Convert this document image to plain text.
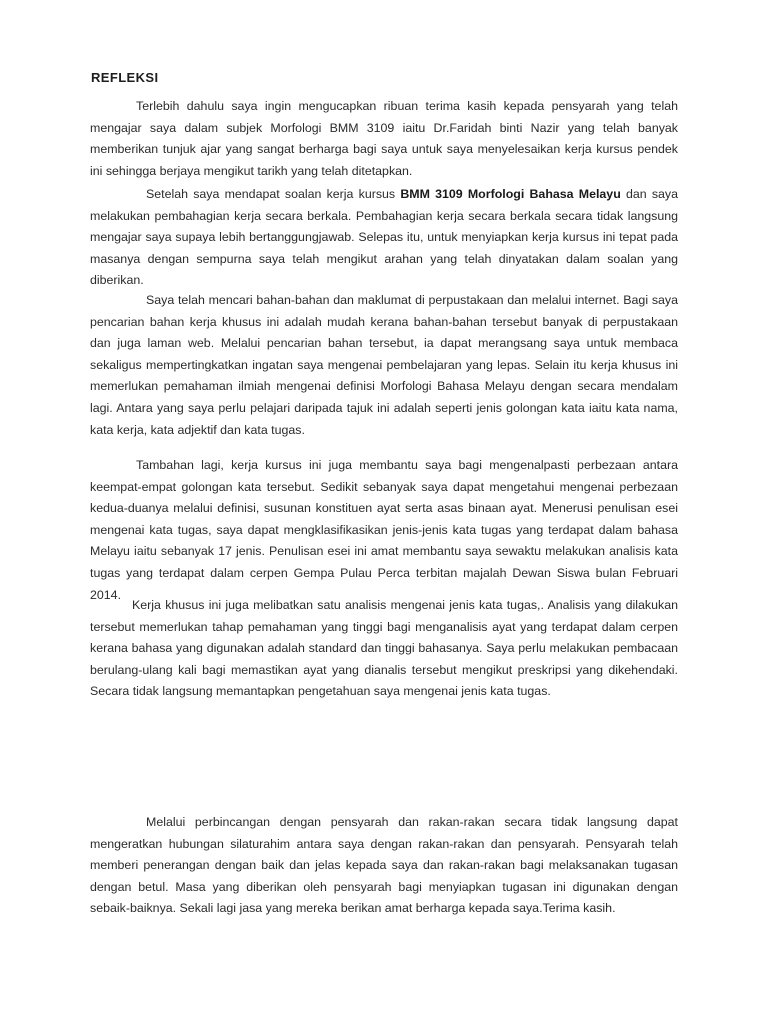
REFLEKSI

Terlebih dahulu saya ingin mengucapkan ribuan terima kasih kepada pensyarah yang telah mengajar saya dalam subjek Morfologi BMM 3109 iaitu Dr.Faridah binti Nazir yang telah banyak memberikan tunjuk ajar yang sangat berharga bagi saya untuk saya menyelesaikan kerja kursus pendek ini sehingga berjaya mengikut tarikh yang telah ditetapkan.

Setelah saya mendapat soalan kerja kursus BMM 3109 Morfologi Bahasa Melayu dan saya melakukan pembahagian kerja secara berkala. Pembahagian kerja secara berkala secara tidak langsung mengajar saya supaya lebih bertanggungjawab. Selepas itu, untuk menyiapkan kerja kursus ini tepat pada masanya dengan sempurna saya telah mengikut arahan yang telah dinyatakan dalam soalan yang diberikan.

Saya telah mencari bahan-bahan dan maklumat di perpustakaan dan melalui internet. Bagi saya pencarian bahan kerja khusus ini adalah mudah kerana bahan-bahan tersebut banyak di perpustakaan dan juga laman web. Melalui pencarian bahan tersebut, ia dapat merangsang saya untuk membaca sekaligus mempertingkatkan ingatan saya mengenai pembelajaran yang lepas. Selain itu kerja khusus ini memerlukan pemahaman ilmiah mengenai definisi Morfologi Bahasa Melayu dengan secara mendalam lagi. Antara yang saya perlu pelajari daripada tajuk ini adalah seperti jenis golongan kata iaitu kata nama, kata kerja, kata adjektif dan kata tugas.

Tambahan lagi, kerja kursus ini juga membantu saya bagi mengenalpasti perbezaan antara keempat-empat golongan kata tersebut. Sedikit sebanyak saya dapat mengetahui mengenai perbezaan kedua-duanya melalui definisi, susunan konstituen ayat serta asas binaan ayat. Menerusi penulisan esei mengenai kata tugas, saya dapat mengklasifikasikan jenis-jenis kata tugas yang terdapat dalam bahasa Melayu iaitu sebanyak 17 jenis. Penulisan esei ini amat membantu saya sewaktu melakukan analisis kata tugas yang terdapat dalam cerpen Gempa Pulau Perca terbitan majalah Dewan Siswa bulan Februari 2014.

Kerja khusus ini juga melibatkan satu analisis mengenai jenis kata tugas,. Analisis yang dilakukan tersebut memerlukan tahap pemahaman yang tinggi bagi menganalisis ayat yang terdapat dalam cerpen kerana bahasa yang digunakan adalah standard dan tinggi bahasanya. Saya perlu melakukan pembacaan berulang-ulang kali bagi memastikan ayat yang dianalis tersebut mengikut preskripsi yang dikehendaki. Secara tidak langsung memantapkan pengetahuan saya mengenai jenis kata tugas.

Melalui perbincangan dengan pensyarah dan rakan-rakan secara tidak langsung dapat mengeratkan hubungan silaturahim antara saya dengan rakan-rakan dan pensyarah. Pensyarah telah memberi penerangan dengan baik dan jelas kepada saya dan rakan-rakan bagi melaksanakan tugasan dengan betul. Masa yang diberikan oleh pensyarah bagi menyiapkan tugasan ini digunakan dengan sebaik-baiknya. Sekali lagi jasa yang mereka berikan amat berharga kepada saya.Terima kasih.
